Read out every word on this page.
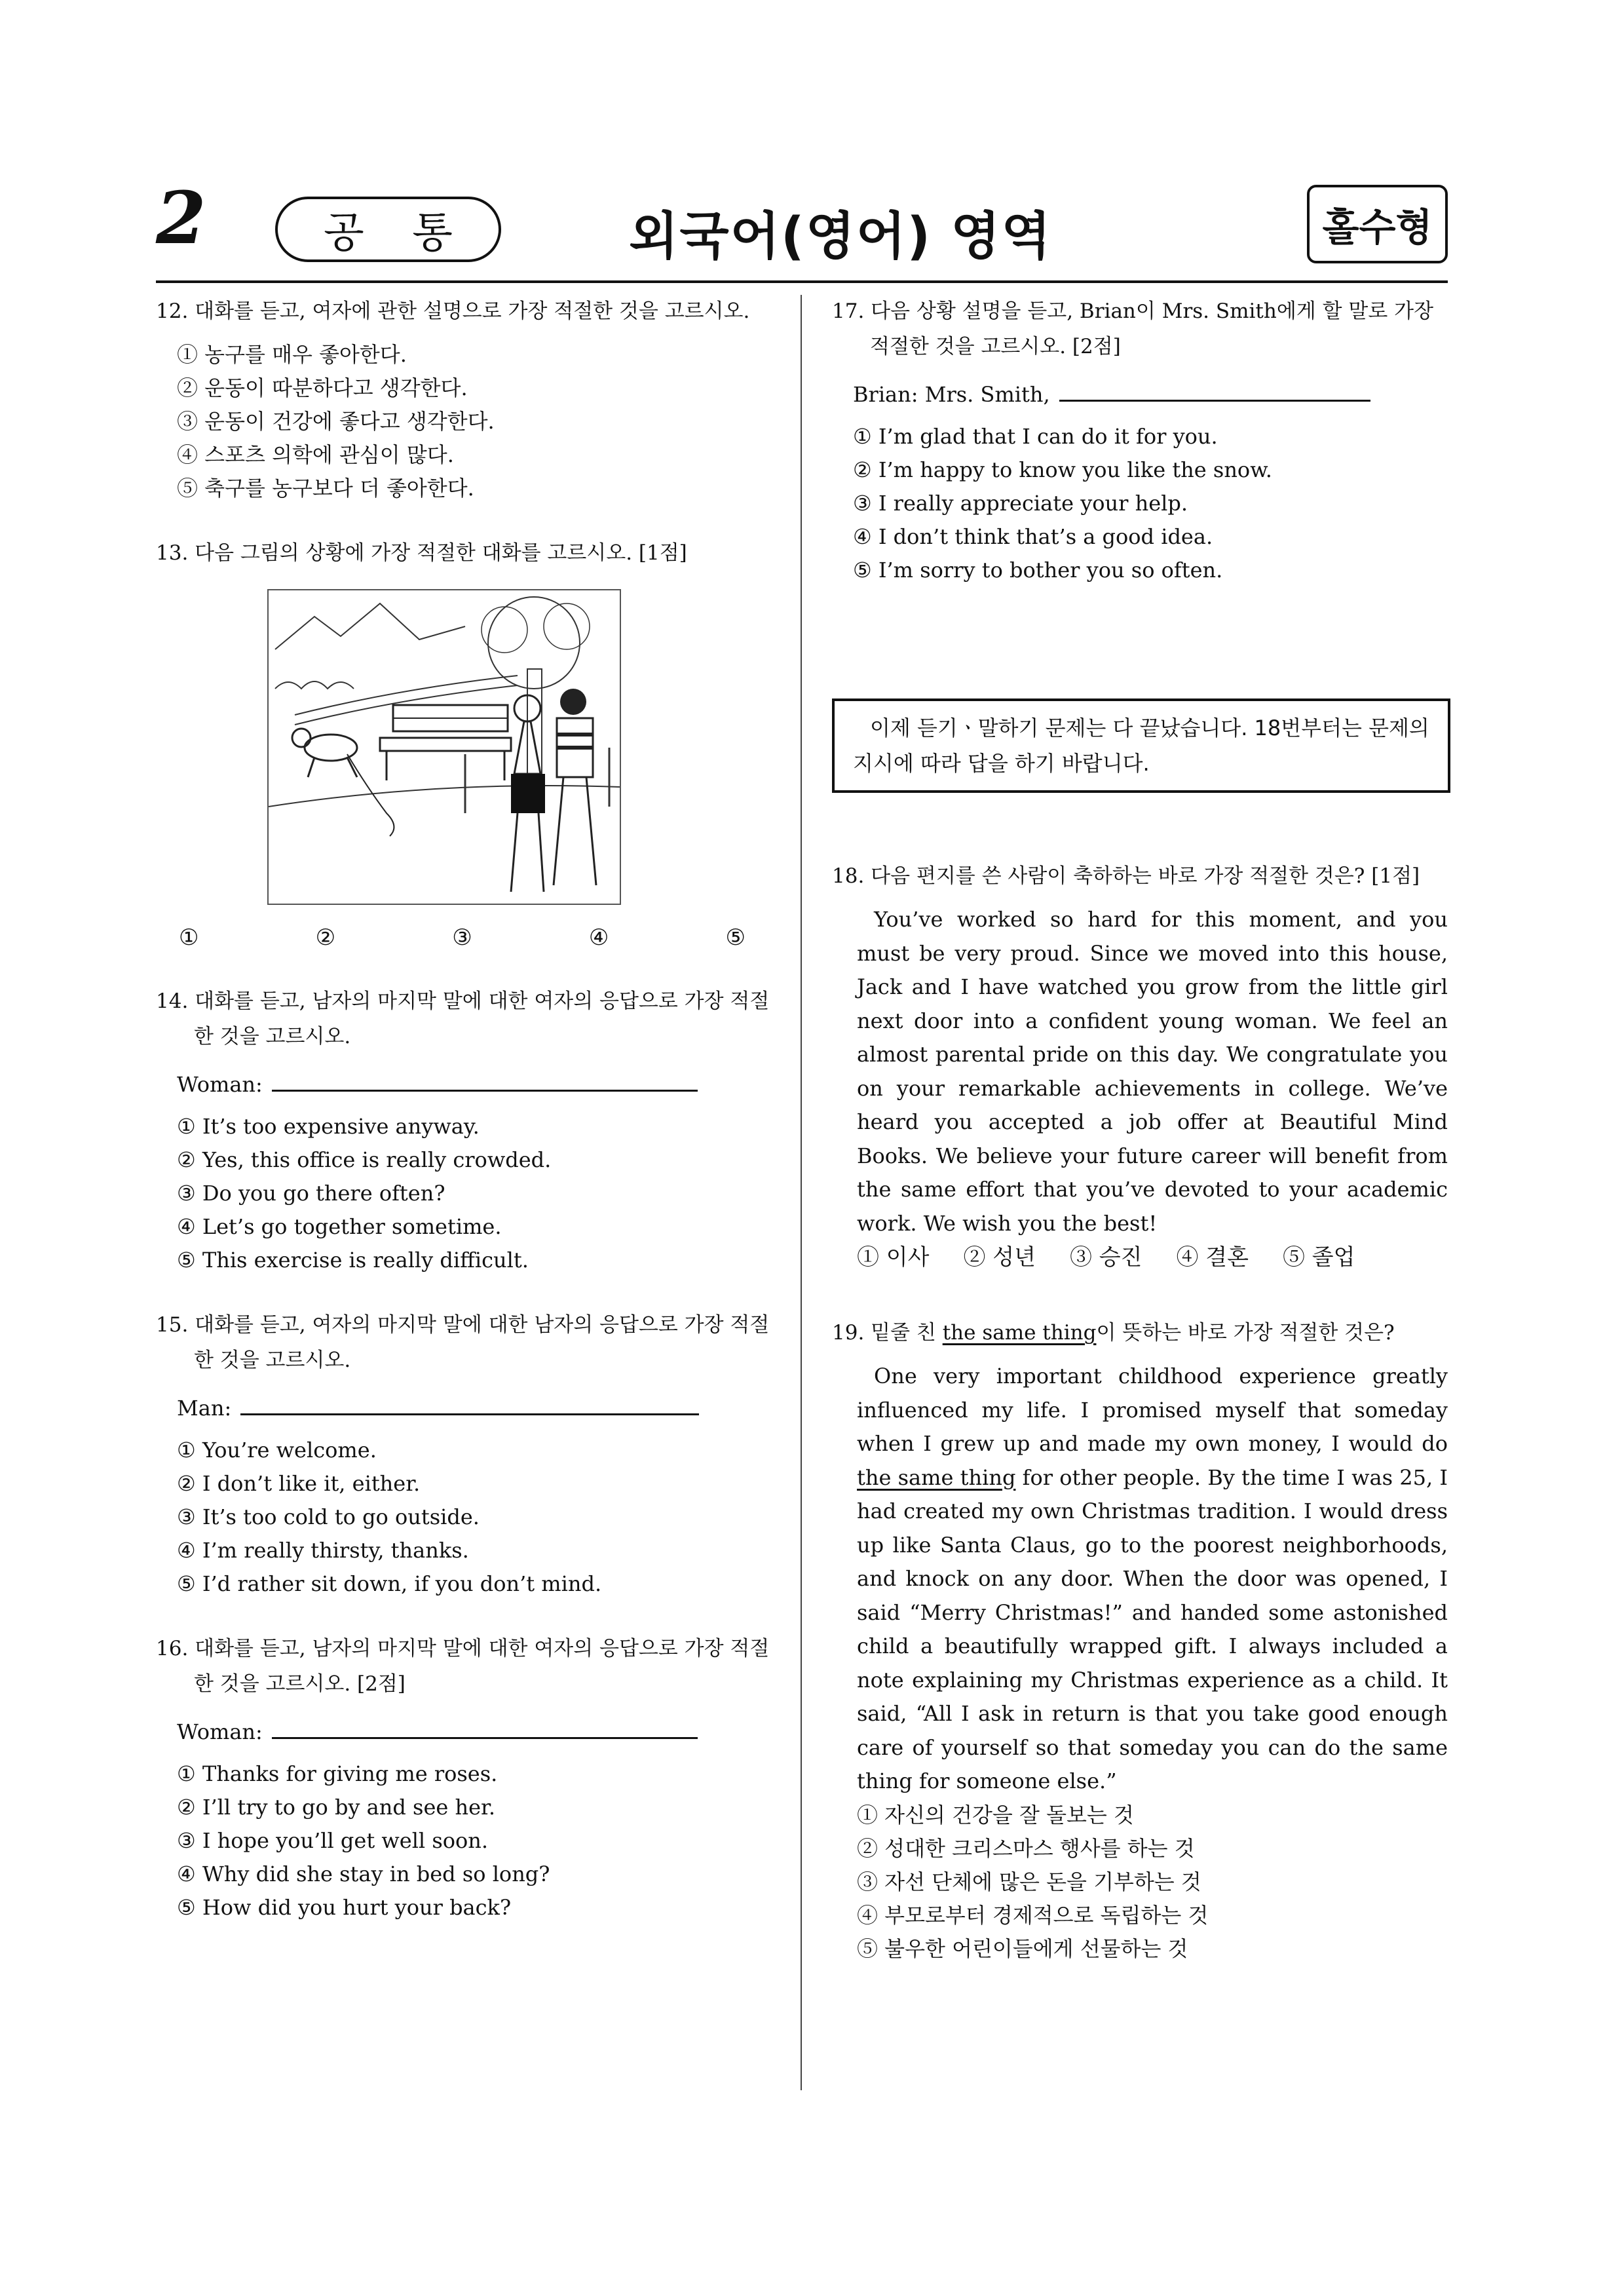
2	공 통	외국어(영어) 영역	홀수형
12. 대화를 듣고, 여자에 관한 설명으로 가장 적절한 것을 고르시오.
① 농구를 매우 좋아한다.
② 운동이 따분하다고 생각한다.
③ 운동이 건강에 좋다고 생각한다.
④ 스포츠 의학에 관심이 많다.
⑤ 축구를 농구보다 더 좋아한다.
13. 다음 그림의 상황에 가장 적절한 대화를 고르시오. [1점]
①	②	③	④	⑤
14. 대화를 듣고, 남자의 마지막 말에 대한 여자의 응답으로 가장 적절한 것을 고르시오.
Woman:
① It’s too expensive anyway.
② Yes, this office is really crowded.
③ Do you go there often?
④ Let’s go together sometime.
⑤ This exercise is really difficult.
15. 대화를 듣고, 여자의 마지막 말에 대한 남자의 응답으로 가장 적절한 것을 고르시오.
Man:
① You’re welcome.
② I don’t like it, either.
③ It’s too cold to go outside.
④ I’m really thirsty, thanks.
⑤ I’d rather sit down, if you don’t mind.
16. 대화를 듣고, 남자의 마지막 말에 대한 여자의 응답으로 가장 적절한 것을 고르시오. [2점]
Woman:
① Thanks for giving me roses.
② I’ll try to go by and see her.
③ I hope you’ll get well soon.
④ Why did she stay in bed so long?
⑤ How did you hurt your back?
17. 다음 상황 설명을 듣고, Brian이 Mrs. Smith에게 할 말로 가장 적절한 것을 고르시오. [2점]
Brian: Mrs. Smith,
① I’m glad that I can do it for you.
② I’m happy to know you like the snow.
③ I really appreciate your help.
④ I don’t think that’s a good idea.
⑤ I’m sorry to bother you so often.
이제 듣기ㆍ말하기 문제는 다 끝났습니다. 18번부터는 문제의 지시에 따라 답을 하기 바랍니다.
18. 다음 편지를 쓴 사람이 축하하는 바로 가장 적절한 것은? [1점]
You’ve worked so hard for this moment, and you must be very proud. Since we moved into this house, Jack and I have watched you grow from the little girl next door into a confident young woman. We feel an almost parental pride on this day. We congratulate you on your remarkable achievements in college. We’ve heard you accepted a job offer at Beautiful Mind Books. We believe your future career will benefit from the same effort that you’ve devoted to your academic work. We wish you the best!
① 이사 ② 성년 ③ 승진 ④ 결혼 ⑤ 졸업
19. 밑줄 친 the same thing이 뜻하는 바로 가장 적절한 것은?
One very important childhood experience greatly influenced my life. I promised myself that someday when I grew up and made my own money, I would do the same thing for other people. By the time I was 25, I had created my own Christmas tradition. I would dress up like Santa Claus, go to the poorest neighborhoods, and knock on any door. When the door was opened, I said “Merry Christmas!” and handed some astonished child a beautifully wrapped gift. I always included a note explaining my Christmas experience as a child. It said, “All I ask in return is that you take good enough care of yourself so that someday you can do the same thing for someone else.”
① 자신의 건강을 잘 돌보는 것
② 성대한 크리스마스 행사를 하는 것
③ 자선 단체에 많은 돈을 기부하는 것
④ 부모로부터 경제적으로 독립하는 것
⑤ 불우한 어린이들에게 선물하는 것
